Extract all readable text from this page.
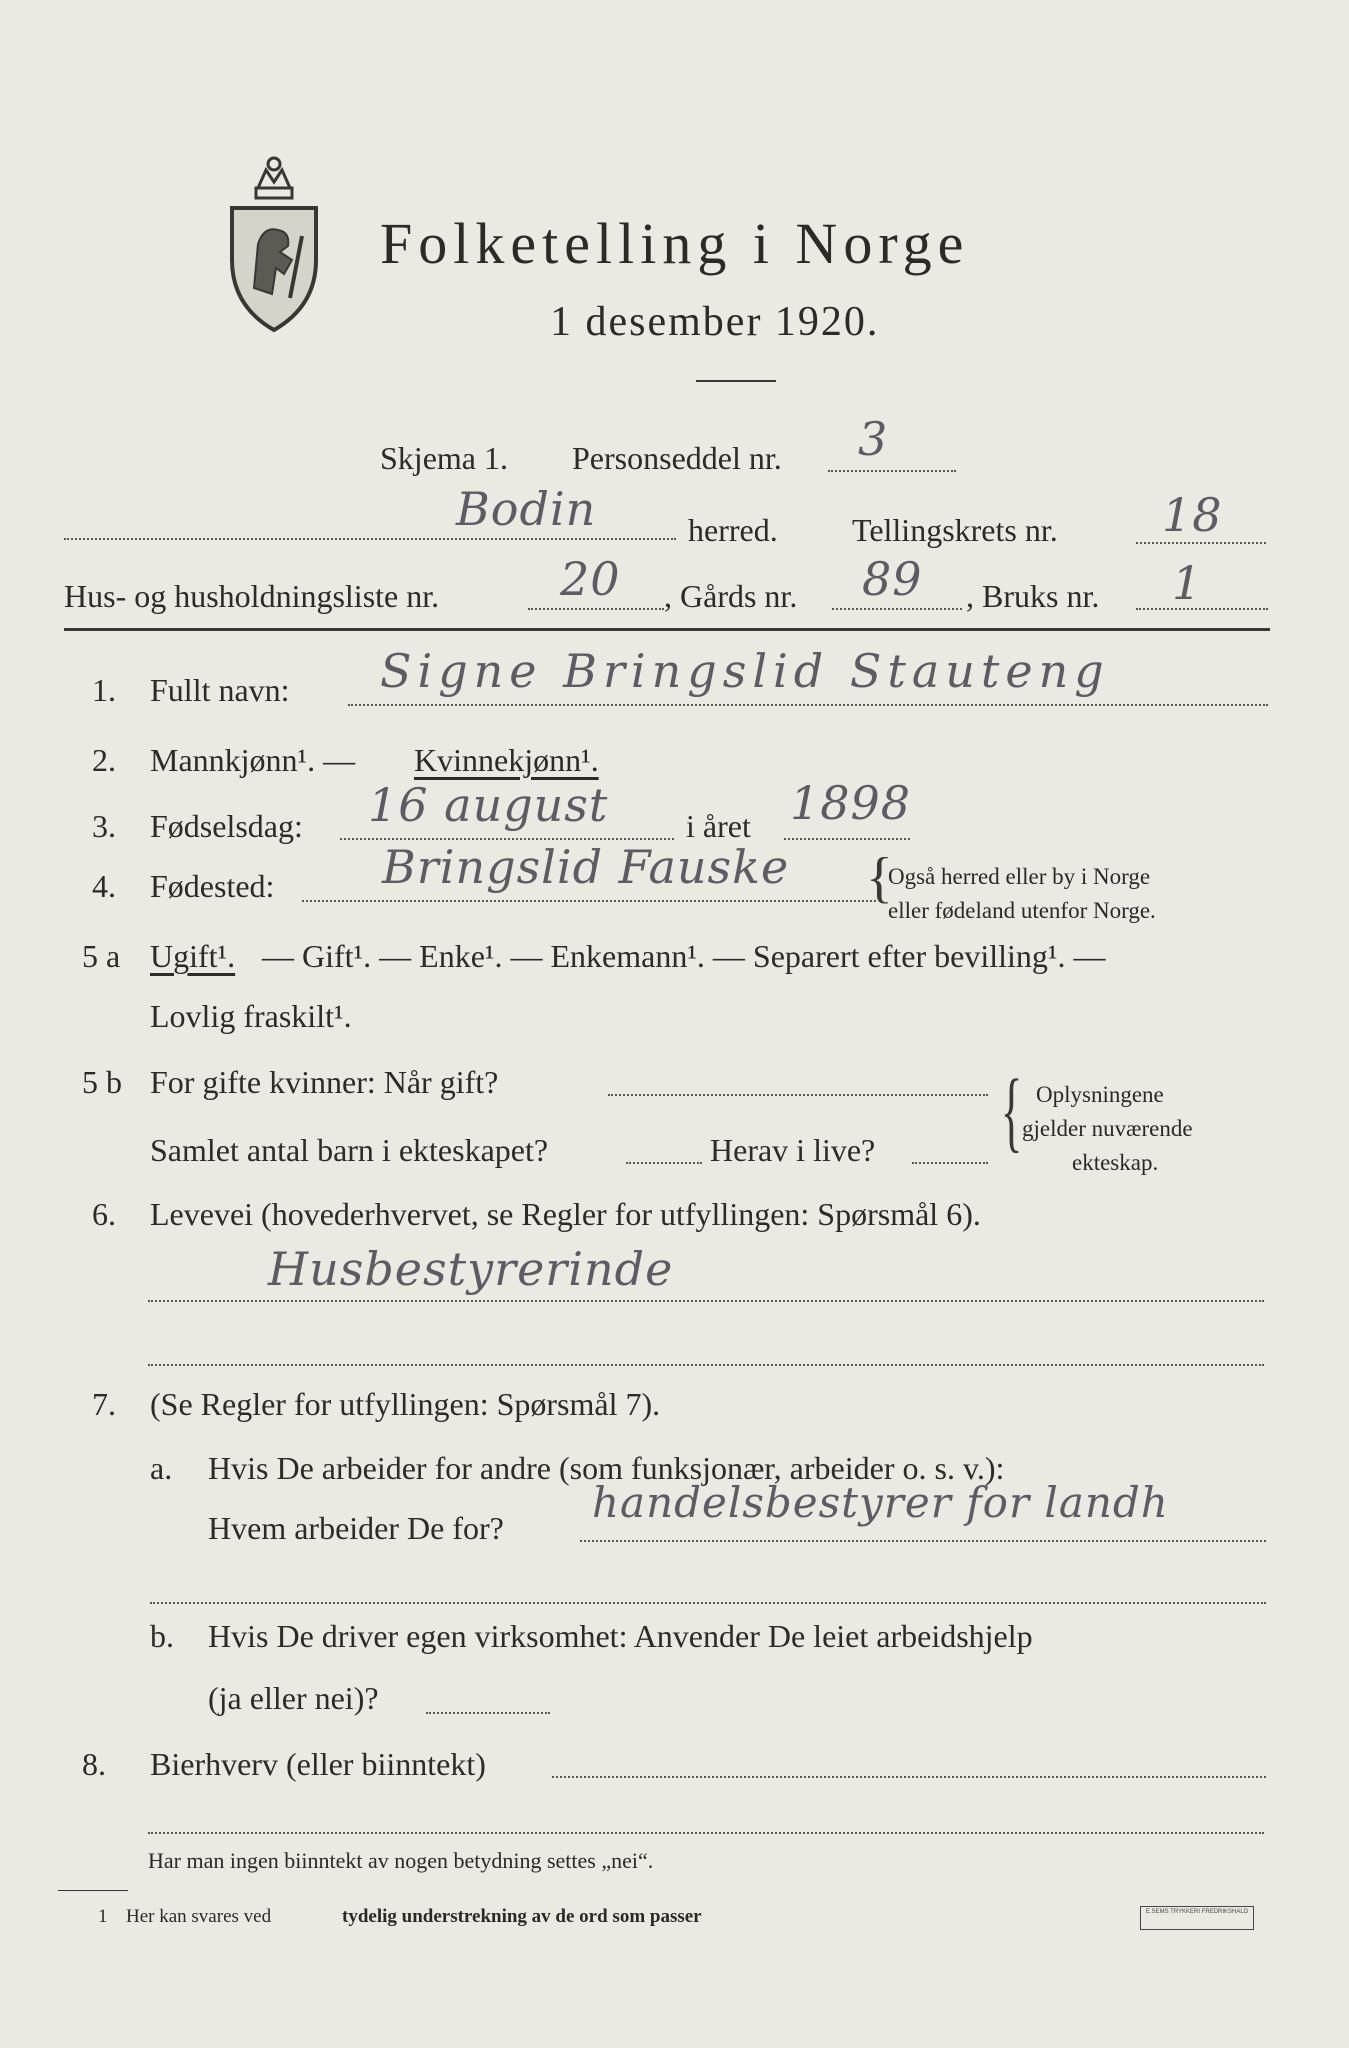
Folketelling i Norge
1 desember 1920.
Skjema 1. Personseddel nr. 3
Bodin	herred. Tellingskrets nr. 18
Hus- og husholdningsliste nr.	20 , Gårds nr. 89 , Bruks nr. 1
1. Fullt navn: Signe Bringslid Stauteng
2. Mannkjønn¹. — Kvinnekjønn¹.
3. Fødselsdag: 16 august i året 1898
4. Fødested: Bringslid Fauske {
Også herred eller by i Norge
eller fødeland utenfor Norge.
5 a Ugift¹. — Gift¹. — Enke¹. — Enkemann¹. — Separert efter bevilling¹. —
Lovlig fraskilt¹.
5 b For gifte kvinner: Når gift?
Samlet antal barn i ekteskapet?	Herav i live? { Oplysningene
gjelder nuværende
ekteskap.
6. Levevei (hovederhvervet, se Regler for utfyllingen: Spørsmål 6).
Husbestyrerinde
7. (Se Regler for utfyllingen: Spørsmål 7).
a. Hvis De arbeider for andre (som funksjonær, arbeider o. s. v.):
Hvem arbeider De for?
handelsbestyrer for landh
b. Hvis De driver egen virksomhet: Anvender De leiet arbeidshjelp
(ja eller nei)?
8. Bierhverv (eller biinntekt)
Har man ingen biinntekt av nogen betydning settes „nei“.
1 Her kan svares ved	tydelig understrekning av de ord som passer	E.SEMS TRYKKERI FREDRIKSHALD
